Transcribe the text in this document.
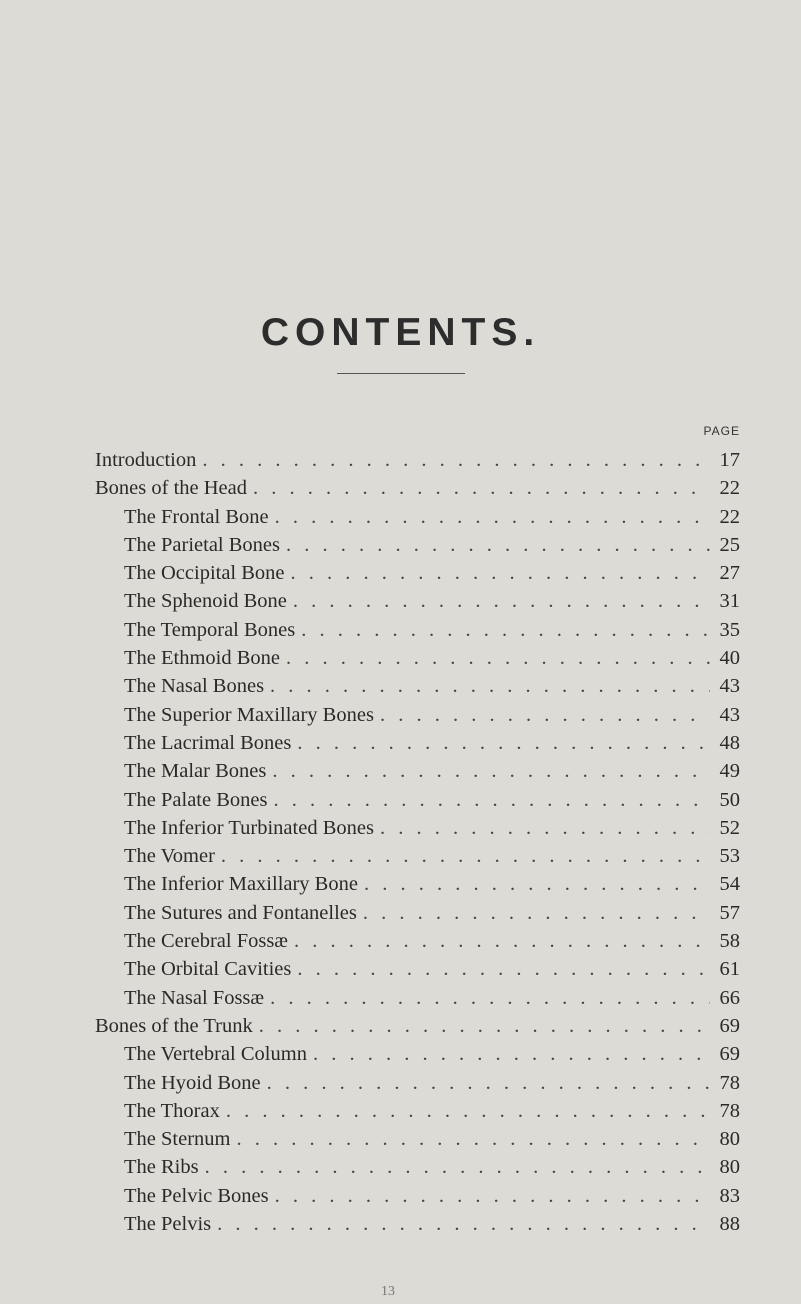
CONTENTS.
PAGE
Introduction . . .	17
Bones of the Head . . .	22
The Frontal Bone . . .	22
The Parietal Bones . . .	25
The Occipital Bone . . .	27
The Sphenoid Bone . . .	31
The Temporal Bones . . .	35
The Ethmoid Bone . . .	40
The Nasal Bones . . .	43
The Superior Maxillary Bones . . .	43
The Lacrimal Bones . . .	48
The Malar Bones . . .	49
The Palate Bones . . .	50
The Inferior Turbinated Bones . . .	52
The Vomer . . .	53
The Inferior Maxillary Bone . . .	54
The Sutures and Fontanelles . . .	57
The Cerebral Fossæ . . .	58
The Orbital Cavities . . .	61
The Nasal Fossæ . . .	66
Bones of the Trunk . . .	69
The Vertebral Column . . .	69
The Hyoid Bone . . .	78
The Thorax . . .	78
The Sternum . . .	80
The Ribs . . .	80
The Pelvic Bones . . .	83
The Pelvis . . .	88
13
